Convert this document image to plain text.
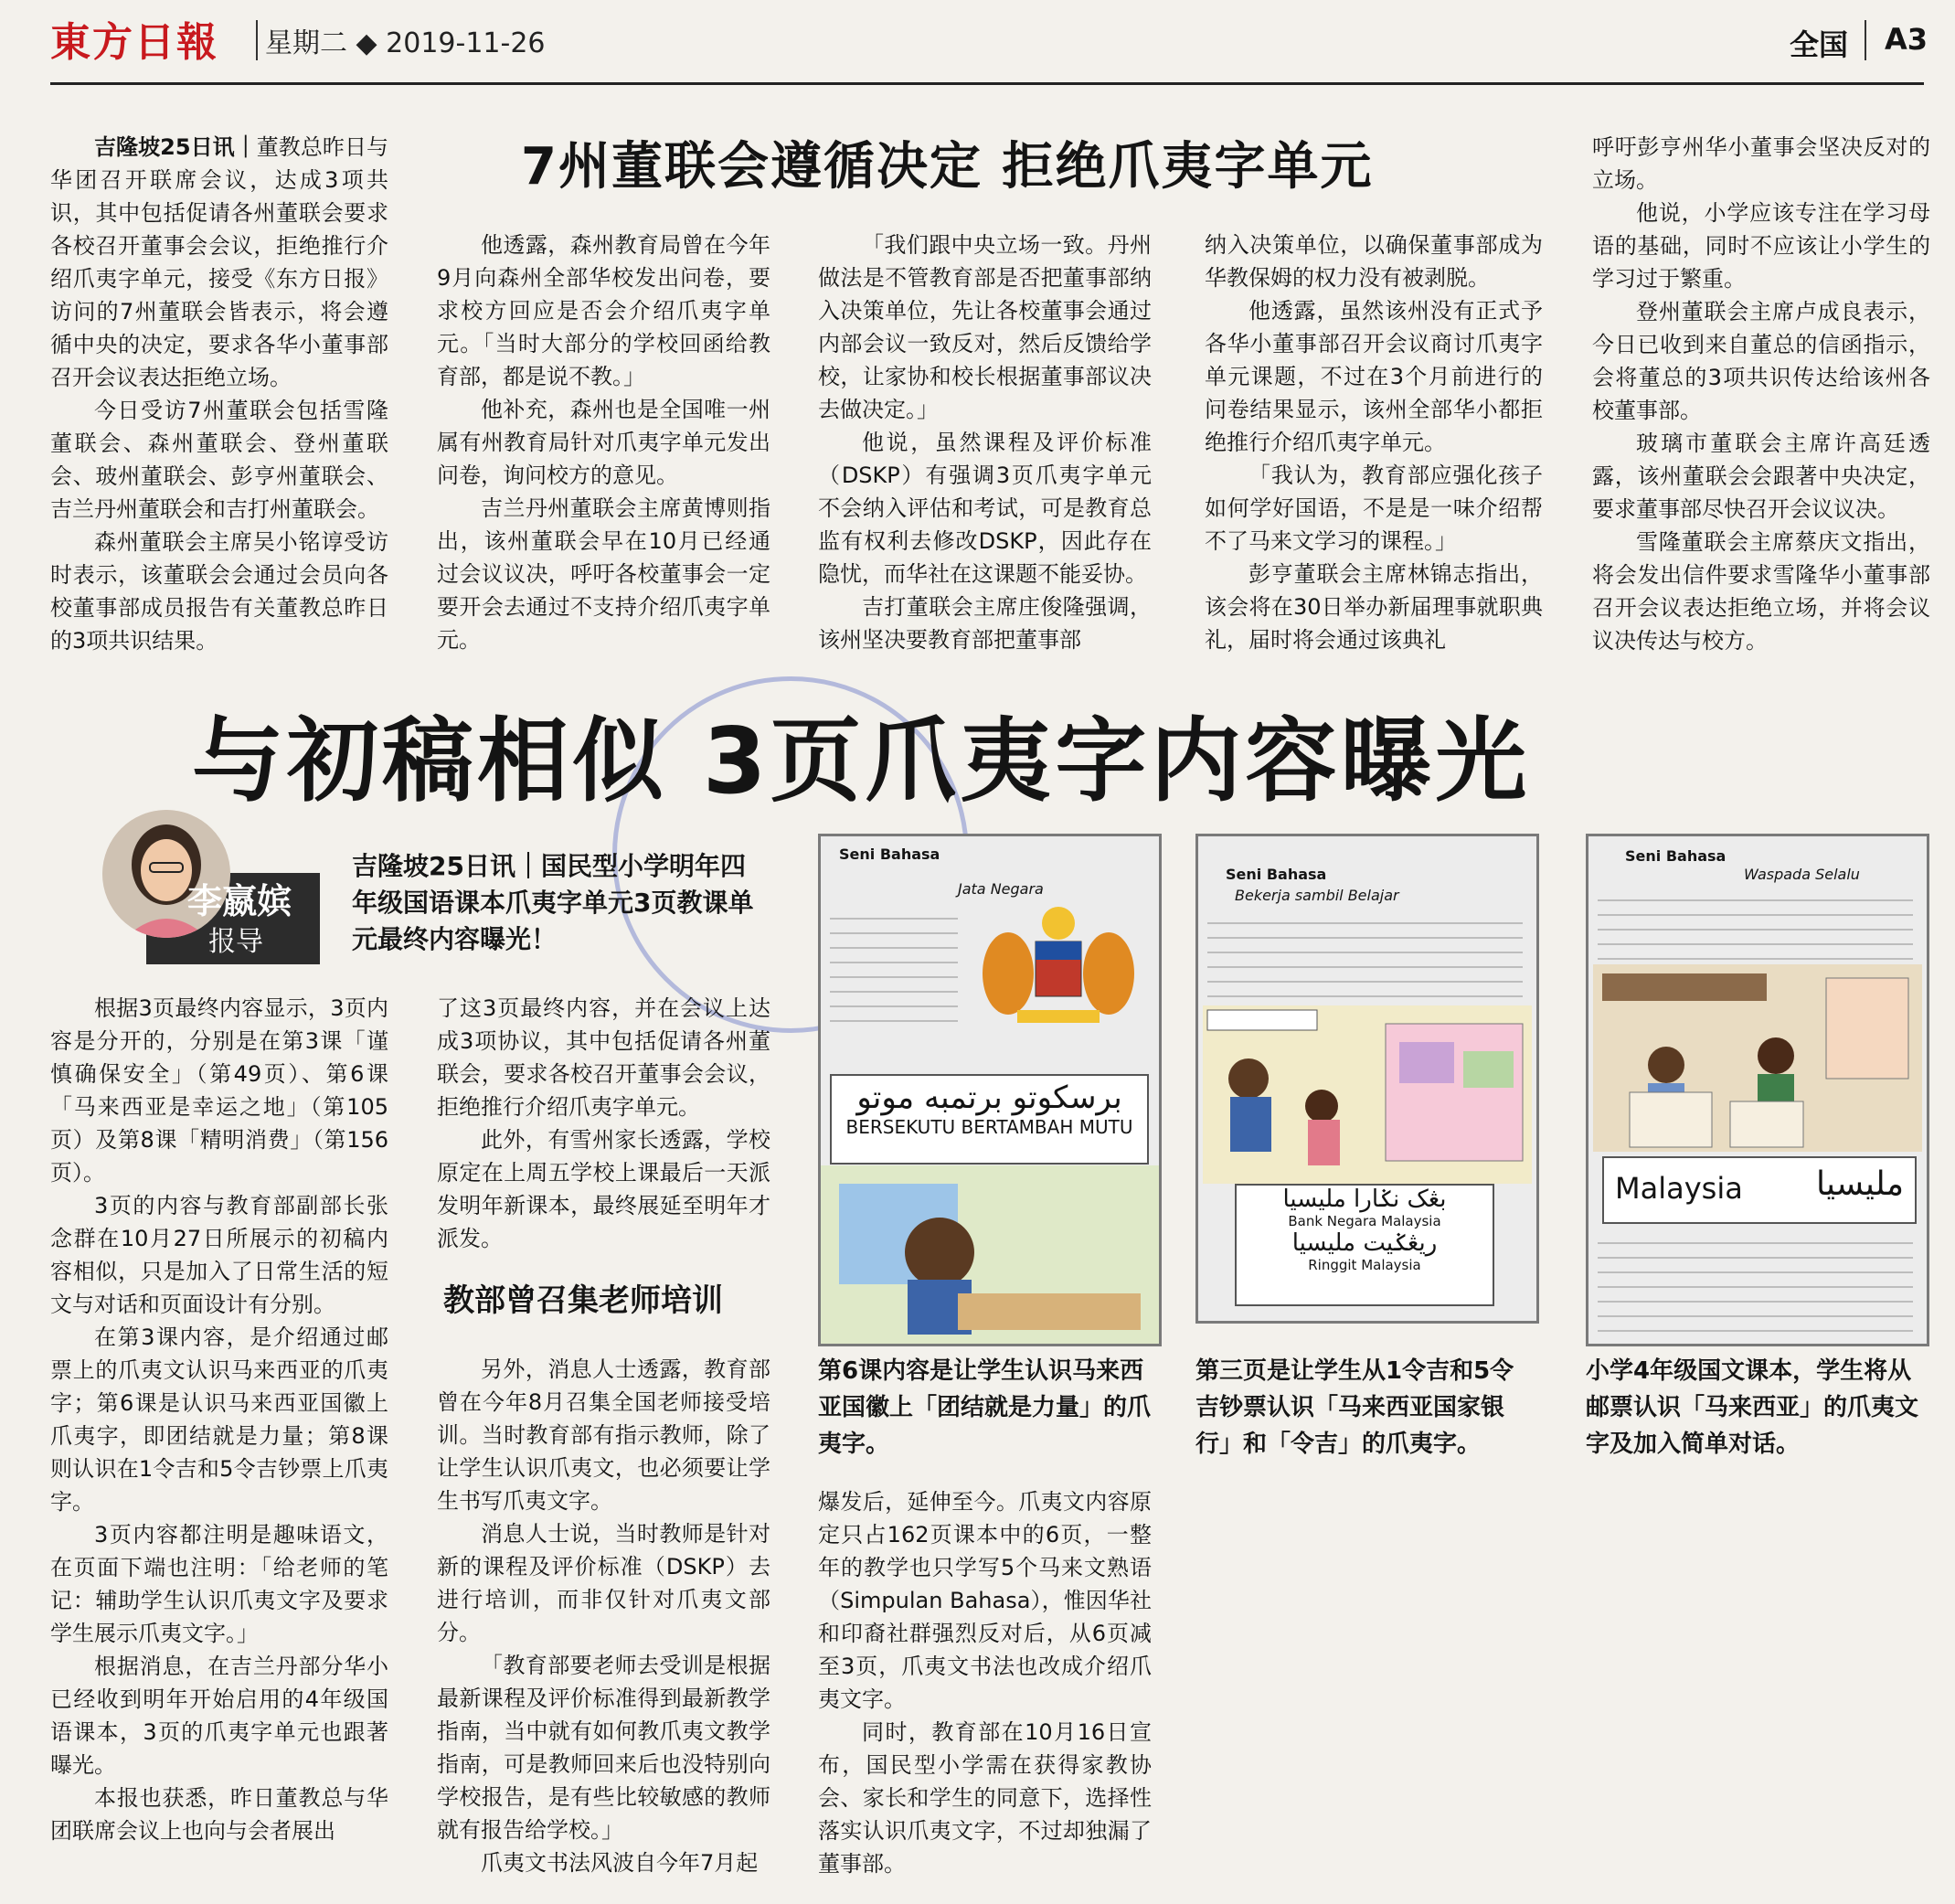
東方日報 星期二 ◆ 2019-11-26	全国 A3
7州董联会遵循决定 拒绝爪夷字单元

吉隆坡25日讯｜董教总昨日与华团召开联席会议，达成3项共识，其中包括促请各州董联会要求各校召开董事会会议，拒绝推行介绍爪夷字单元，接受《东方日报》访问的7州董联会皆表示，将会遵循中央的决定，要求各华小董事部召开会议表达拒绝立场。

今日受访7州董联会包括雪隆董联会、森州董联会、登州董联会、玻州董联会、彭亨州董联会、吉兰丹州董联会和吉打州董联会。

森州董联会主席吴小铭谆受访时表示，该董联会会通过会员向各校董事部成员报告有关董教总昨日的3项共识结果。

他透露，森州教育局曾在今年9月向森州全部华校发出问卷，要求校方回应是否会介绍爪夷字单元。「当时大部分的学校回函给教育部，都是说不教。」

他补充，森州也是全国唯一州属有州教育局针对爪夷字单元发出问卷，询问校方的意见。

吉兰丹州董联会主席黄博则指出，该州董联会早在10月已经通过会议议决，呼吁各校董事会一定要开会去通过不支持介绍爪夷字单元。

「我们跟中央立场一致。丹州做法是不管教育部是否把董事部纳入决策单位，先让各校董事会通过内部会议一致反对，然后反馈给学校，让家协和校长根据董事部议决去做决定。」

他说，虽然课程及评价标准（DSKP）有强调3页爪夷字单元不会纳入评估和考试，可是教育总监有权利去修改DSKP，因此存在隐忧，而华社在这课题不能妥协。

吉打董联会主席庄俊隆强调，该州坚决要教育部把董事部

纳入决策单位，以确保董事部成为华教保姆的权力没有被剥脱。

他透露，虽然该州没有正式予各华小董事部召开会议商讨爪夷字单元课题，不过在3个月前进行的问卷结果显示，该州全部华小都拒绝推行介绍爪夷字单元。

「我认为，教育部应强化孩子如何学好国语，不是是一味介绍帮不了马来文学习的课程。」

彭亨董联会主席林锦志指出，该会将在30日举办新届理事就职典礼，届时将会通过该典礼

呼吁彭亨州华小董事会坚决反对的立场。

他说，小学应该专注在学习母语的基础，同时不应该让小学生的学习过于繁重。

登州董联会主席卢成良表示，今日已收到来自董总的信函指示，会将董总的3项共识传达给该州各校董事部。

玻璃市董联会主席许高廷透露，该州董联会会跟著中央决定，要求董事部尽快召开会议议决。

雪隆董联会主席蔡庆文指出，将会发出信件要求雪隆华小董事部召开会议表达拒绝立场，并将会议议决传达与校方。

与初稿相似 3页爪夷字内容曝光
李嬴嫔
报导
吉隆坡25日讯｜国民型小学明年四年级国语课本爪夷字单元3页教课单元最终内容曝光！

根据3页最终内容显示，3页内容是分开的，分别是在第3课「谨慎确保安全」（第49页）、第6课「马来西亚是幸运之地」（第105页）及第8课「精明消费」（第156页）。

3页的内容与教育部副部长张念群在10月27日所展示的初稿内容相似，只是加入了日常生活的短文与对话和页面设计有分别。

在第3课内容，是介绍通过邮票上的爪夷文认识马来西亚的爪夷字；第6课是认识马来西亚国徽上爪夷字，即团结就是力量；第8课则认识在1令吉和5令吉钞票上爪夷字。

3页内容都注明是趣味语文，在页面下端也注明：「给老师的笔记：辅助学生认识爪夷文字及要求学生展示爪夷文字。」

根据消息，在吉兰丹部分华小已经收到明年开始启用的4年级国语课本，3页的爪夷字单元也跟著曝光。

本报也获悉，昨日董教总与华团联席会议上也向与会者展出

了这3页最终内容，并在会议上达成3项协议，其中包括促请各州董联会，要求各校召开董事会会议，拒绝推行介绍爪夷字单元。

此外，有雪州家长透露，学校原定在上周五学校上课最后一天派发明年新课本，最终展延至明年才派发。

教部曾召集老师培训

另外，消息人士透露，教育部曾在今年8月召集全国老师接受培训。当时教育部有指示教师，除了让学生认识爪夷文，也必须要让学生书写爪夷文字。

消息人士说，当时教师是针对新的课程及评价标准（DSKP）去进行培训，而非仅针对爪夷文部分。

「教育部要老师去受训是根据最新课程及评价标准得到最新教学指南，当中就有如何教爪夷文教学指南，可是教师回来后也没特别向学校报告，是有些比较敏感的教师就有报告给学校。」

爪夷文书法风波自今年7月起

爆发后，延伸至今。爪夷文内容原定只占162页课本中的6页，一整年的教学也只学写5个马来文熟语（Simpulan Bahasa），惟因华社和印裔社群强烈反对后，从6页减至3页，爪夷文书法也改成介绍爪夷文字。

同时，教育部在10月16日宣布，国民型小学需在获得家教协会、家长和学生的同意下，选择性落实认识爪夷文字，不过却独漏了董事部。

Seni Bahasa
Jata Negara
برسكوتو برتمبه موتو
BERSEKUTU BERTAMBAH MUTU
第6课内容是让学生认识马来西亚国徽上「团结就是力量」的爪夷字。
Seni Bahasa
Bekerja sambil Belajar
بڠک نݢارا مليسيا
Bank Negara Malaysia
ريڠݢيت مليسيا
Ringgit Malaysia
第三页是让学生从1令吉和5令吉钞票认识「马来西亚国家银行」和「令吉」的爪夷字。
Seni Bahasa
Waspada Selalu
Malaysia مليسيا
小学4年级国文课本，学生将从邮票认识「马来西亚」的爪夷文字及加入简单对话。
